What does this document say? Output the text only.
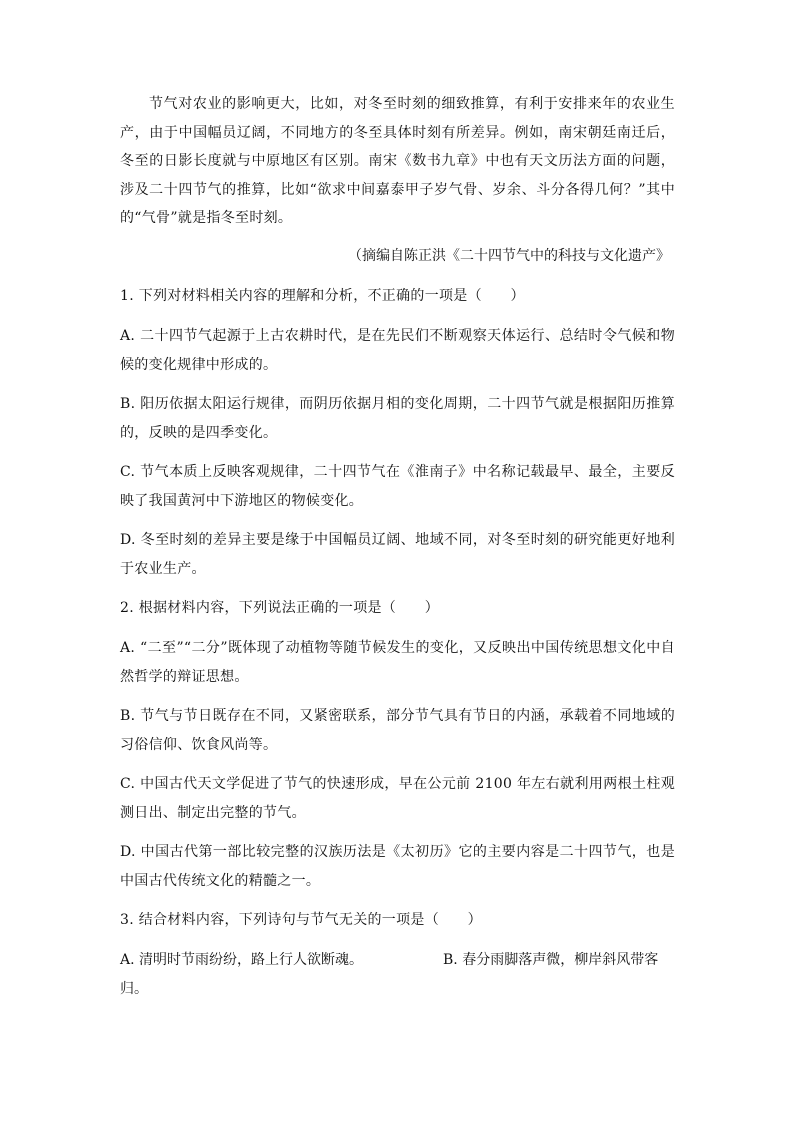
节气对农业的影响更大，比如，对冬至时刻的细致推算，有利于安排来年的农业生产，由于中国幅员辽阔，不同地方的冬至具体时刻有所差异。例如，南宋朝廷南迁后，冬至的日影长度就与中原地区有区别。南宋《数书九章》中也有天文历法方面的问题，涉及二十四节气的推算，比如“欲求中间嘉泰甲子岁气骨、岁余、斗分各得几何？”其中的“气骨”就是指冬至时刻。

（摘编自陈正洪《二十四节气中的科技与文化遗产》

1. 下列对材料相关内容的理解和分析，不正确的一项是（　　）

A. 二十四节气起源于上古农耕时代，是在先民们不断观察天体运行、总结时令气候和物候的变化规律中形成的。

B. 阳历依据太阳运行规律，而阴历依据月相的变化周期，二十四节气就是根据阳历推算的，反映的是四季变化。

C. 节气本质上反映客观规律，二十四节气在《淮南子》中名称记载最早、最全，主要反映了我国黄河中下游地区的物候变化。

D. 冬至时刻的差异主要是缘于中国幅员辽阔、地域不同，对冬至时刻的研究能更好地利于农业生产。

2. 根据材料内容，下列说法正确的一项是（　　）

A. “二至”“二分”既体现了动植物等随节候发生的变化，又反映出中国传统思想文化中自然哲学的辩证思想。

B. 节气与节日既存在不同，又紧密联系，部分节气具有节日的内涵，承载着不同地域的习俗信仰、饮食风尚等。

C. 中国古代天文学促进了节气的快速形成，早在公元前 2100 年左右就利用两根土柱观测日出、制定出完整的节气。

D. 中国古代第一部比较完整的汉族历法是《太初历》它的主要内容是二十四节气，也是中国古代传统文化的精髓之一。

3. 结合材料内容，下列诗句与节气无关的一项是（　　）

A. 清明时节雨纷纷，路上行人欲断魂。	B. 春分雨脚落声微，柳岸斜风带客
归。
